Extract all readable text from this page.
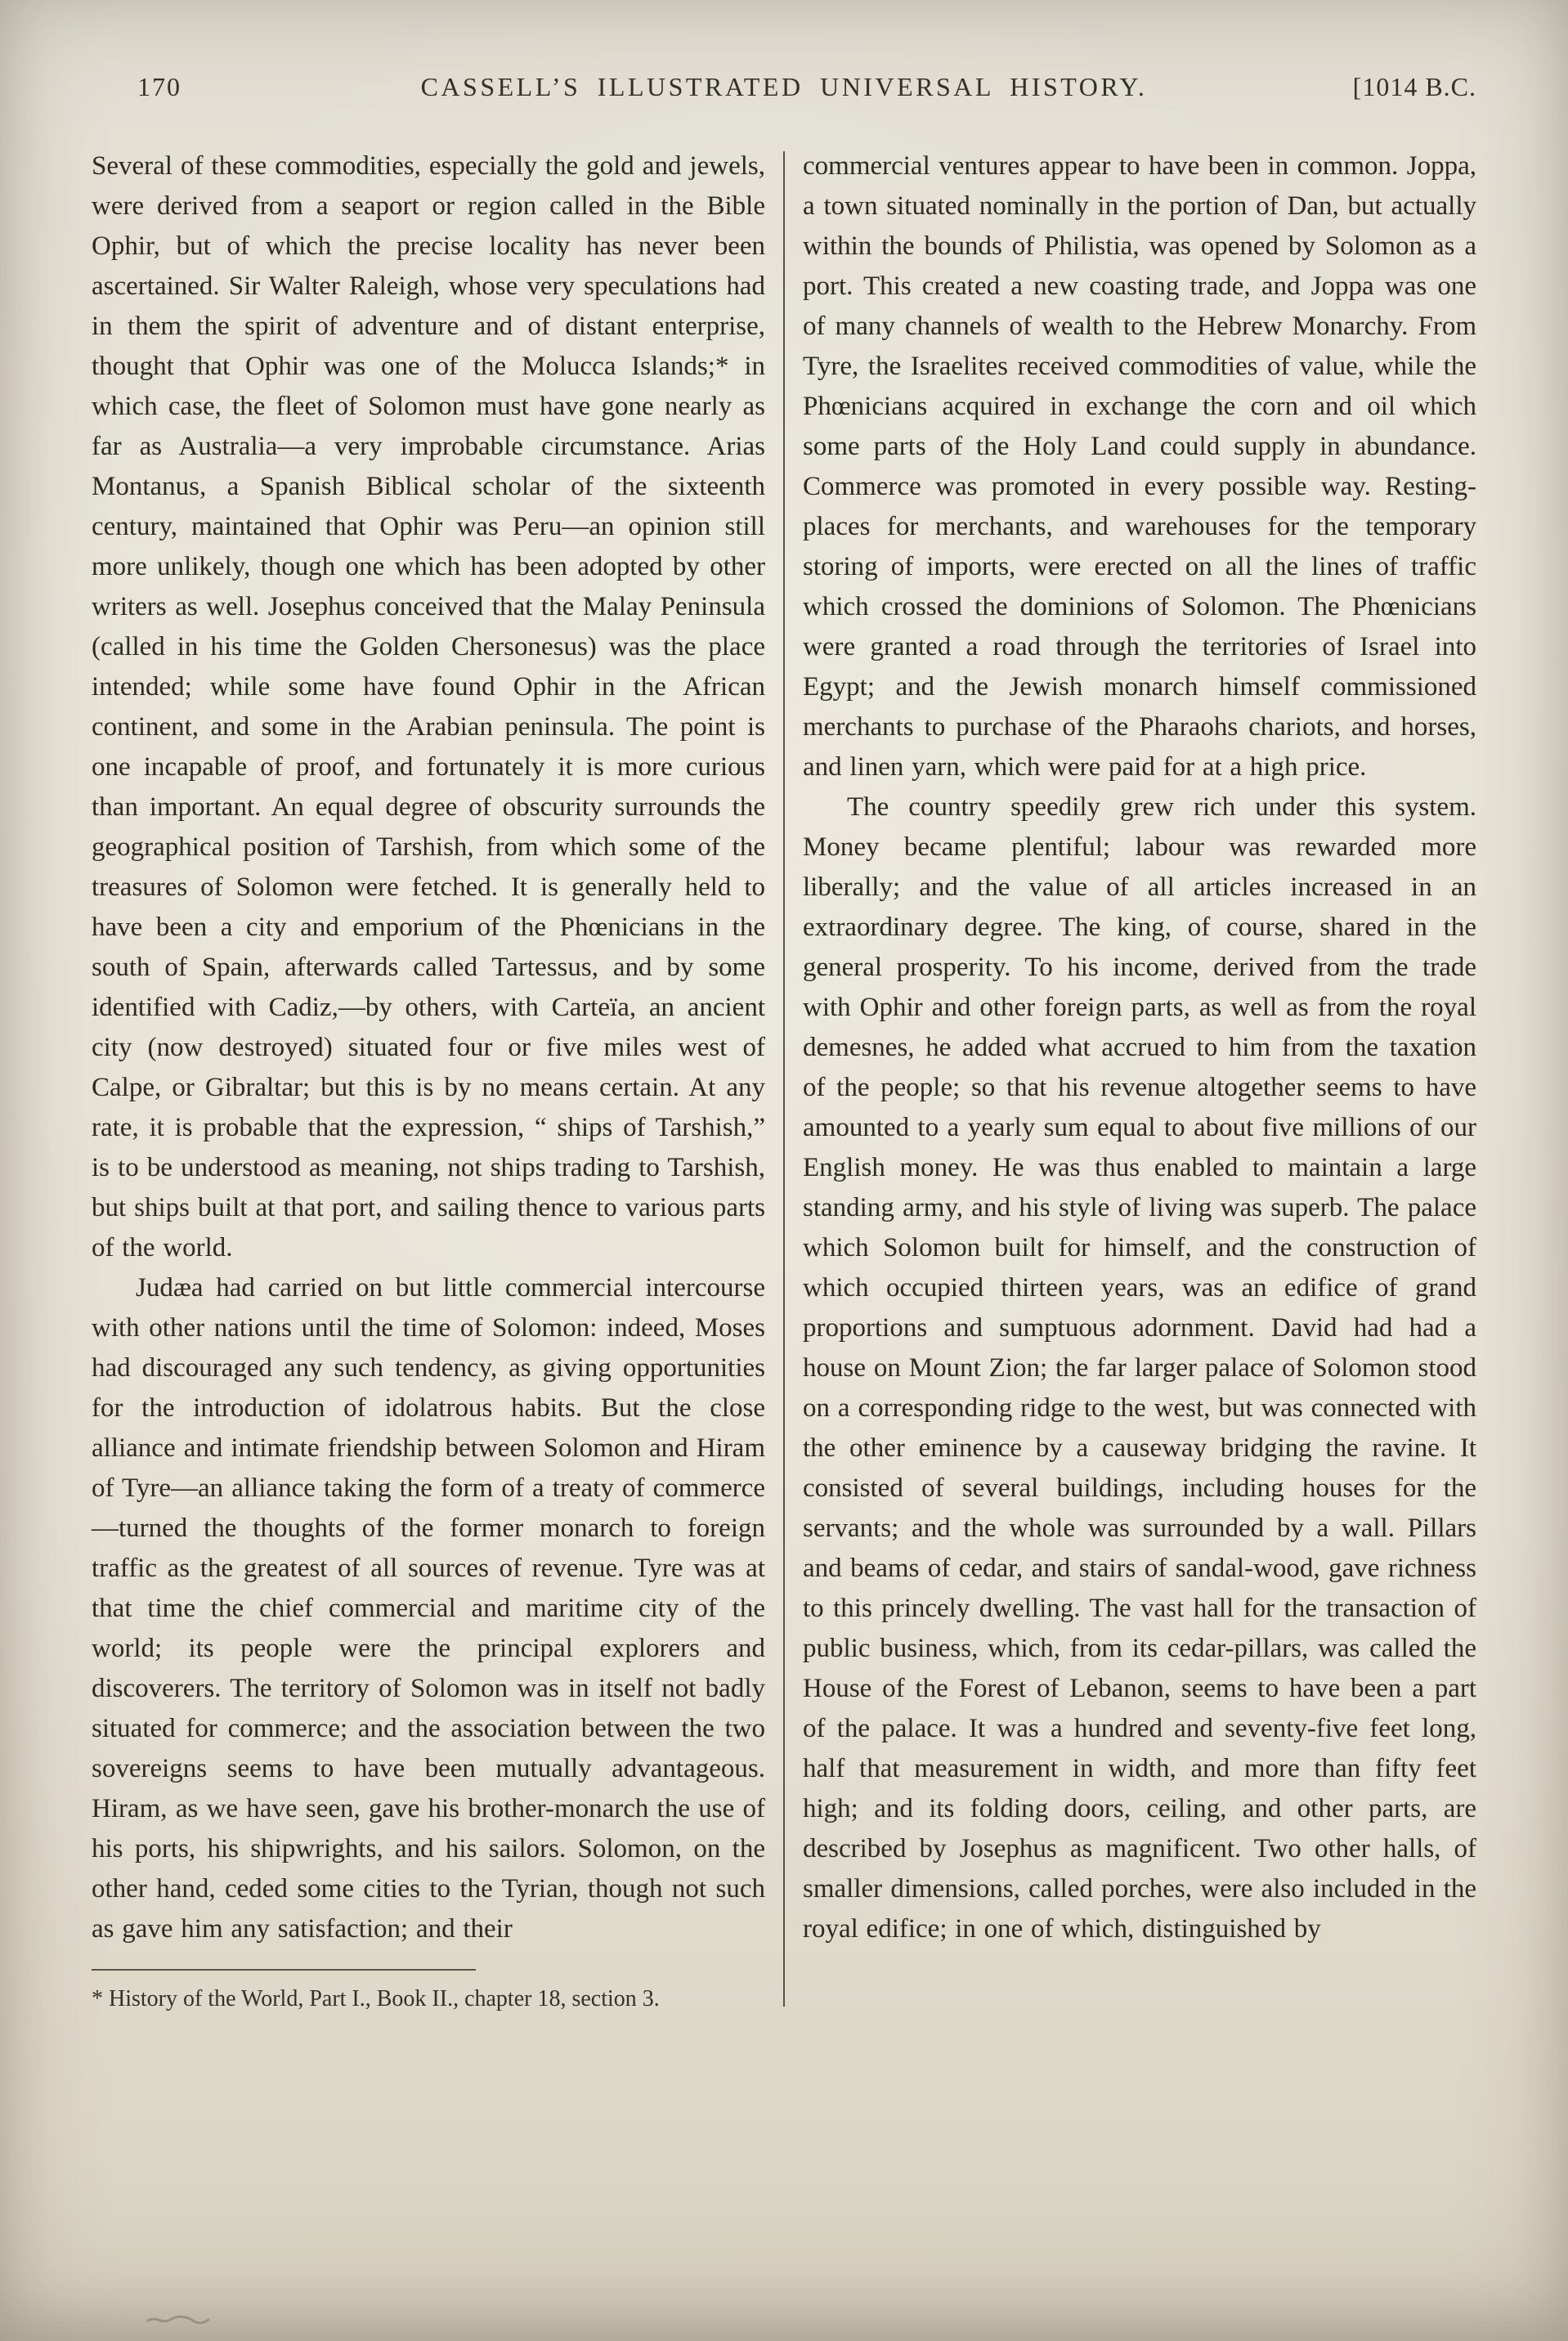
170	CASSELL’S ILLUSTRATED UNIVERSAL HISTORY.	[1014 B.C.

Several of these commodities, especially the gold and jewels, were derived from a seaport or region called in the Bible Ophir, but of which the precise locality has never been ascertained. Sir Walter Raleigh, whose very speculations had in them the spirit of adventure and of distant enterprise, thought that Ophir was one of the Molucca Islands;* in which case, the fleet of Solomon must have gone nearly as far as Australia—a very improbable circumstance. Arias Montanus, a Spanish Biblical scholar of the sixteenth century, maintained that Ophir was Peru—an opinion still more unlikely, though one which has been adopted by other writers as well. Josephus conceived that the Malay Peninsula (called in his time the Golden Chersonesus) was the place intended; while some have found Ophir in the African continent, and some in the Arabian peninsula. The point is one incapable of proof, and fortunately it is more curious than important. An equal degree of obscurity surrounds the geographical position of Tarshish, from which some of the treasures of Solomon were fetched. It is generally held to have been a city and emporium of the Phœnicians in the south of Spain, afterwards called Tartessus, and by some identified with Cadiz,—by others, with Carteïa, an ancient city (now destroyed) situated four or five miles west of Calpe, or Gibraltar; but this is by no means certain. At any rate, it is probable that the expression, “ ships of Tarshish,” is to be understood as meaning, not ships trading to Tarshish, but ships built at that port, and sailing thence to various parts of the world.

Judæa had carried on but little commercial intercourse with other nations until the time of Solomon: indeed, Moses had discouraged any such tendency, as giving opportunities for the introduction of idolatrous habits. But the close alliance and intimate friendship between Solomon and Hiram of Tyre—an alliance taking the form of a treaty of commerce—turned the thoughts of the former monarch to foreign traffic as the greatest of all sources of revenue. Tyre was at that time the chief commercial and maritime city of the world; its people were the principal explorers and discoverers. The territory of Solomon was in itself not badly situated for commerce; and the association between the two sovereigns seems to have been mutually advantageous. Hiram, as we have seen, gave his brother-monarch the use of his ports, his shipwrights, and his sailors. Solomon, on the other hand, ceded some cities to the Tyrian, though not such as gave him any satisfaction; and their

* History of the World, Part I., Book II., chapter 18, section 3.

commercial ventures appear to have been in common. Joppa, a town situated nominally in the portion of Dan, but actually within the bounds of Philistia, was opened by Solomon as a port. This created a new coasting trade, and Joppa was one of many channels of wealth to the Hebrew Monarchy. From Tyre, the Israelites received commodities of value, while the Phœnicians acquired in exchange the corn and oil which some parts of the Holy Land could supply in abundance. Commerce was promoted in every possible way. Resting-places for merchants, and warehouses for the temporary storing of imports, were erected on all the lines of traffic which crossed the dominions of Solomon. The Phœnicians were granted a road through the territories of Israel into Egypt; and the Jewish monarch himself commissioned merchants to purchase of the Pharaohs chariots, and horses, and linen yarn, which were paid for at a high price.

The country speedily grew rich under this system. Money became plentiful; labour was rewarded more liberally; and the value of all articles increased in an extraordinary degree. The king, of course, shared in the general prosperity. To his income, derived from the trade with Ophir and other foreign parts, as well as from the royal demesnes, he added what accrued to him from the taxation of the people; so that his revenue altogether seems to have amounted to a yearly sum equal to about five millions of our English money. He was thus enabled to maintain a large standing army, and his style of living was superb. The palace which Solomon built for himself, and the construction of which occupied thirteen years, was an edifice of grand proportions and sumptuous adornment. David had had a house on Mount Zion; the far larger palace of Solomon stood on a corresponding ridge to the west, but was connected with the other eminence by a causeway bridging the ravine. It consisted of several buildings, including houses for the servants; and the whole was surrounded by a wall. Pillars and beams of cedar, and stairs of sandal-wood, gave richness to this princely dwelling. The vast hall for the transaction of public business, which, from its cedar-pillars, was called the House of the Forest of Lebanon, seems to have been a part of the palace. It was a hundred and seventy-five feet long, half that measurement in width, and more than fifty feet high; and its folding doors, ceiling, and other parts, are described by Josephus as magnificent. Two other halls, of smaller dimensions, called porches, were also included in the royal edifice; in one of which, distinguished by
